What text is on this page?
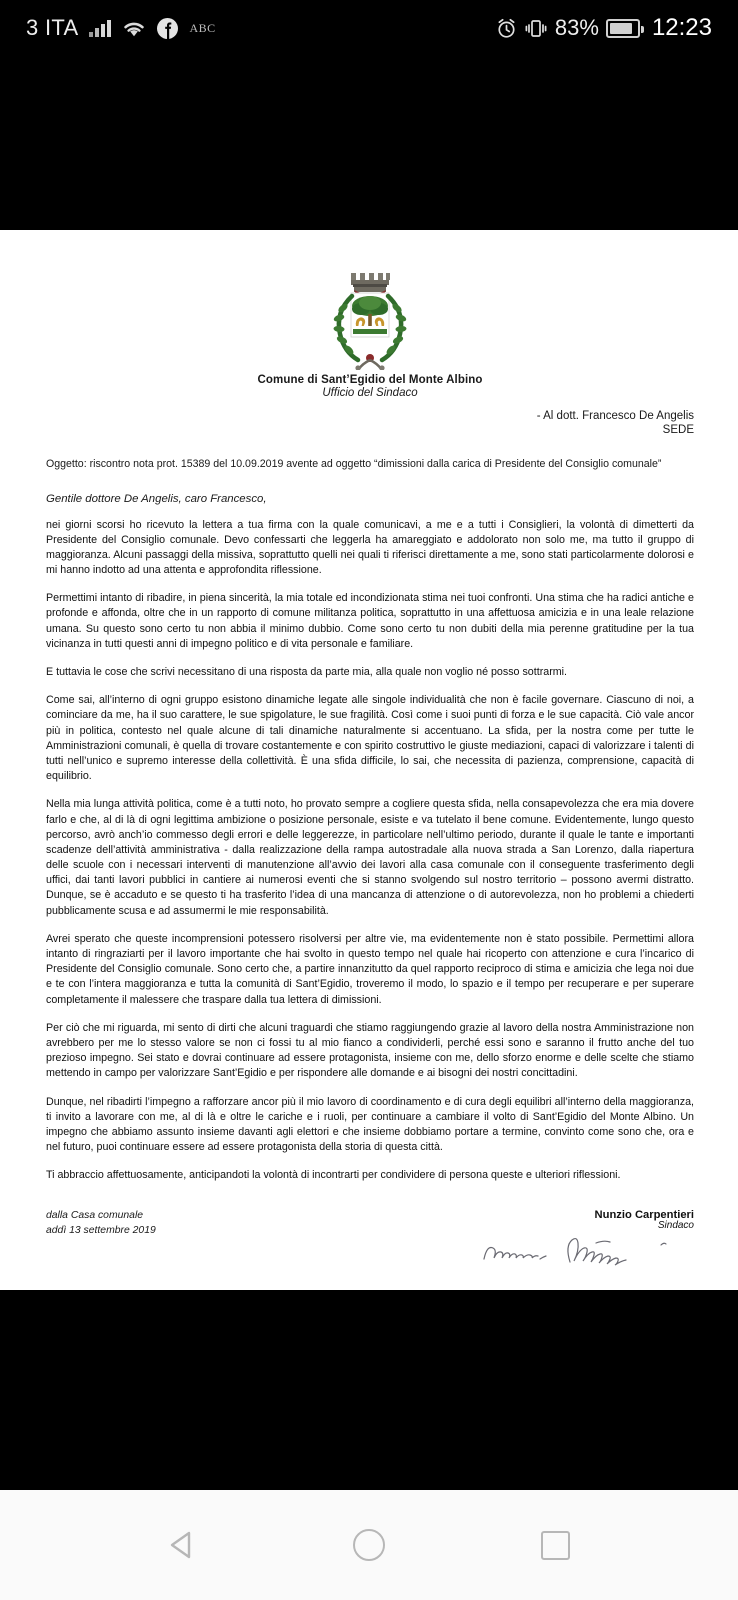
3 ITA	ABC	83% 12:23
Comune di Sant’Egidio del Monte Albino
Ufficio del Sindaco
- Al dott. Francesco De Angelis
SEDE
Oggetto: riscontro nota prot. 15389 del 10.09.2019 avente ad oggetto “dimissioni dalla carica di Presidente del Consiglio comunale”
Gentile dottore De Angelis, caro Francesco,

nei giorni scorsi ho ricevuto la lettera a tua firma con la quale comunicavi, a me e a tutti i Consiglieri, la volontà di dimetterti da Presidente del Consiglio comunale. Devo confessarti che leggerla ha amareggiato e addolorato non solo me, ma tutto il gruppo di maggioranza. Alcuni passaggi della missiva, soprattutto quelli nei quali ti riferisci direttamente a me, sono stati particolarmente dolorosi e mi hanno indotto ad una attenta e approfondita riflessione.

Permettimi intanto di ribadire, in piena sincerità, la mia totale ed incondizionata stima nei tuoi confronti. Una stima che ha radici antiche e profonde e affonda, oltre che in un rapporto di comune militanza politica, soprattutto in una affettuosa amicizia e in una leale relazione umana. Su questo sono certo tu non abbia il minimo dubbio. Come sono certo tu non dubiti della mia perenne gratitudine per la tua vicinanza in tutti questi anni di impegno politico e di vita personale e familiare.

E tuttavia le cose che scrivi necessitano di una risposta da parte mia, alla quale non voglio né posso sottrarmi.

Come sai, all’interno di ogni gruppo esistono dinamiche legate alle singole individualità che non è facile governare. Ciascuno di noi, a cominciare da me, ha il suo carattere, le sue spigolature, le sue fragilità. Così come i suoi punti di forza e le sue capacità. Ciò vale ancor più in politica, contesto nel quale alcune di tali dinamiche naturalmente si accentuano. La sfida, per la nostra come per tutte le Amministrazioni comunali, è quella di trovare costantemente e con spirito costruttivo le giuste mediazioni, capaci di valorizzare i talenti di tutti nell’unico e supremo interesse della collettività. È una sfida difficile, lo sai, che necessita di pazienza, comprensione, capacità di equilibrio.

Nella mia lunga attività politica, come è a tutti noto, ho provato sempre a cogliere questa sfida, nella consapevolezza che era mia dovere farlo e che, al di là di ogni legittima ambizione o posizione personale, esiste e va tutelato il bene comune. Evidentemente, lungo questo percorso, avrò anch’io commesso degli errori e delle leggerezze, in particolare nell’ultimo periodo, durante il quale le tante e importanti scadenze dell’attività amministrativa - dalla realizzazione della rampa autostradale alla nuova strada a San Lorenzo, dalla riapertura delle scuole con i necessari interventi di manutenzione all’avvio dei lavori alla casa comunale con il conseguente trasferimento degli uffici, dai tanti lavori pubblici in cantiere ai numerosi eventi che si stanno svolgendo sul nostro territorio – possono avermi distratto. Dunque, se è accaduto e se questo ti ha trasferito l’idea di una mancanza di attenzione o di autorevolezza, non ho problemi a chiederti pubblicamente scusa e ad assumermi le mie responsabilità.

Avrei sperato che queste incomprensioni potessero risolversi per altre vie, ma evidentemente non è stato possibile. Permettimi allora intanto di ringraziarti per il lavoro importante che hai svolto in questo tempo nel quale hai ricoperto con attenzione e cura l’incarico di Presidente del Consiglio comunale. Sono certo che, a partire innanzitutto da quel rapporto reciproco di stima e amicizia che lega noi due e te con l’intera maggioranza e tutta la comunità di Sant’Egidio, troveremo il modo, lo spazio e il tempo per recuperare e per superare completamente il malessere che traspare dalla tua lettera di dimissioni.

Per ciò che mi riguarda, mi sento di dirti che alcuni traguardi che stiamo raggiungendo grazie al lavoro della nostra Amministrazione non avrebbero per me lo stesso valore se non ci fossi tu al mio fianco a condividerli, perché essi sono e saranno il frutto anche del tuo prezioso impegno. Sei stato e dovrai continuare ad essere protagonista, insieme con me, dello sforzo enorme e delle scelte che stiamo mettendo in campo per valorizzare Sant’Egidio e per rispondere alle domande e ai bisogni dei nostri concittadini.

Dunque, nel ribadirti l’impegno a rafforzare ancor più il mio lavoro di coordinamento e di cura degli equilibri all’interno della maggioranza, ti invito a lavorare con me, al di là e oltre le cariche e i ruoli, per continuare a cambiare il volto di Sant’Egidio del Monte Albino. Un impegno che abbiamo assunto insieme davanti agli elettori e che insieme dobbiamo portare a termine, convinto come sono che, ora e nel futuro, puoi continuare essere ad essere protagonista della storia di questa città.

Ti abbraccio affettuosamente, anticipandoti la volontà di incontrarti per condividere di persona queste e ulteriori riflessioni.

dalla Casa comunale
addì 13 settembre 2019
Nunzio Carpentieri
Sindaco
